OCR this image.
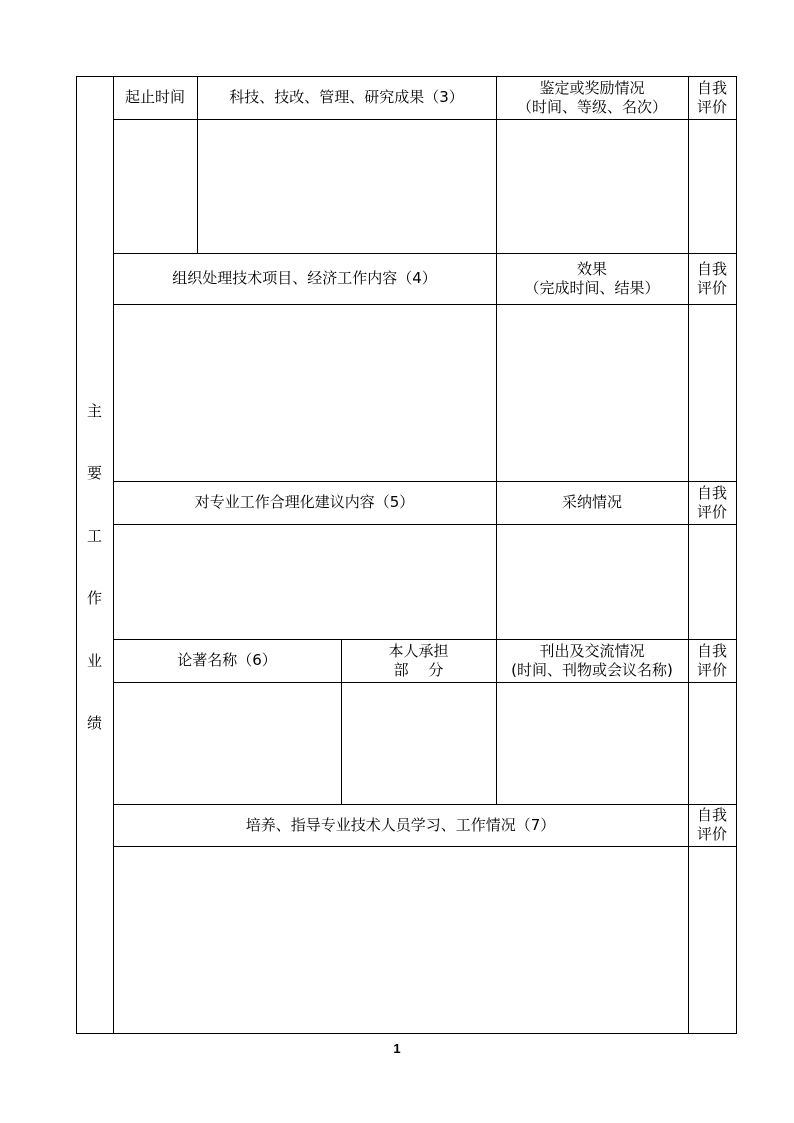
主
要
工
作
业
绩
起止时间	科技、技改、管理、研究成果（3）
鉴定或奖励情况
（时间、等级、名次）
自我
评价
组织处理技术项目、经济工作内容（4）
效果
（完成时间、结果）
自我
评价
对专业工作合理化建议内容（5）	采纳情况
自我
评价
论著名称（6）
本人承担
部　 分
刊出及交流情况
(时间、刊物或会议名称)
自我
评价
培养、指导专业技术人员学习、工作情况（7）
自我
评价
1
